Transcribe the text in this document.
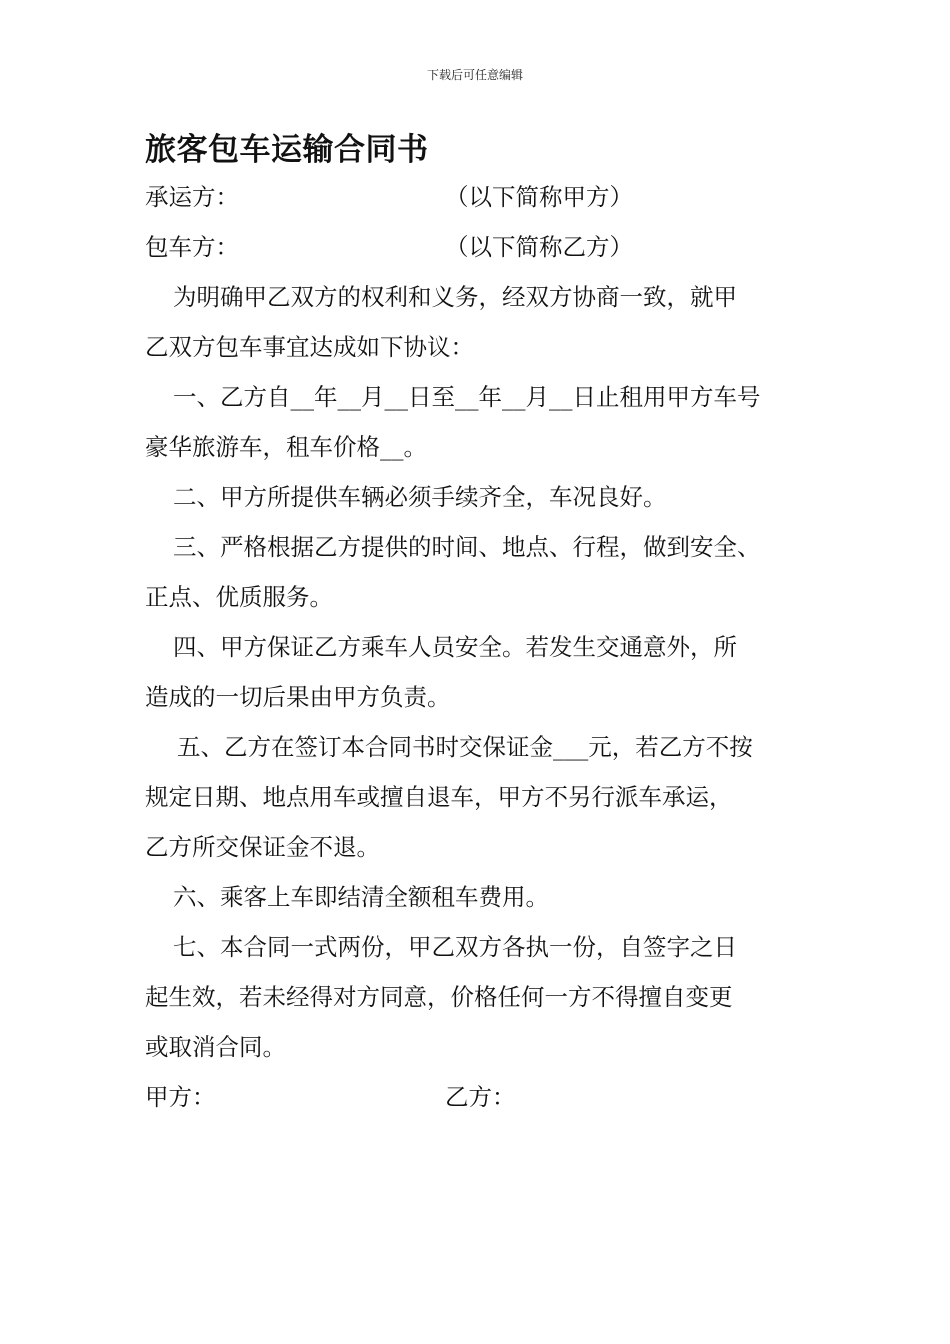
下载后可任意编辑
旅客包车运输合同书
承运方：	（以下简称甲方）
包车方：	（以下简称乙方）
为明确甲乙双方的权利和义务，经双方协商一致，就甲
乙双方包车事宜达成如下协议：
一、乙方自__年__月__日至__年__月__日止租用甲方车号
豪华旅游车，租车价格__。
二、甲方所提供车辆必须手续齐全，车况良好。
三、严格根据乙方提供的时间、地点、行程，做到安全、
正点、优质服务。
四、甲方保证乙方乘车人员安全。若发生交通意外，所
造成的一切后果由甲方负责。
五、乙方在签订本合同书时交保证金___元，若乙方不按
规定日期、地点用车或擅自退车，甲方不另行派车承运，
乙方所交保证金不退。
六、乘客上车即结清全额租车费用。
七、本合同一式两份，甲乙双方各执一份，自签字之日
起生效，若未经得对方同意，价格任何一方不得擅自变更
或取消合同。
甲方：	乙方：
